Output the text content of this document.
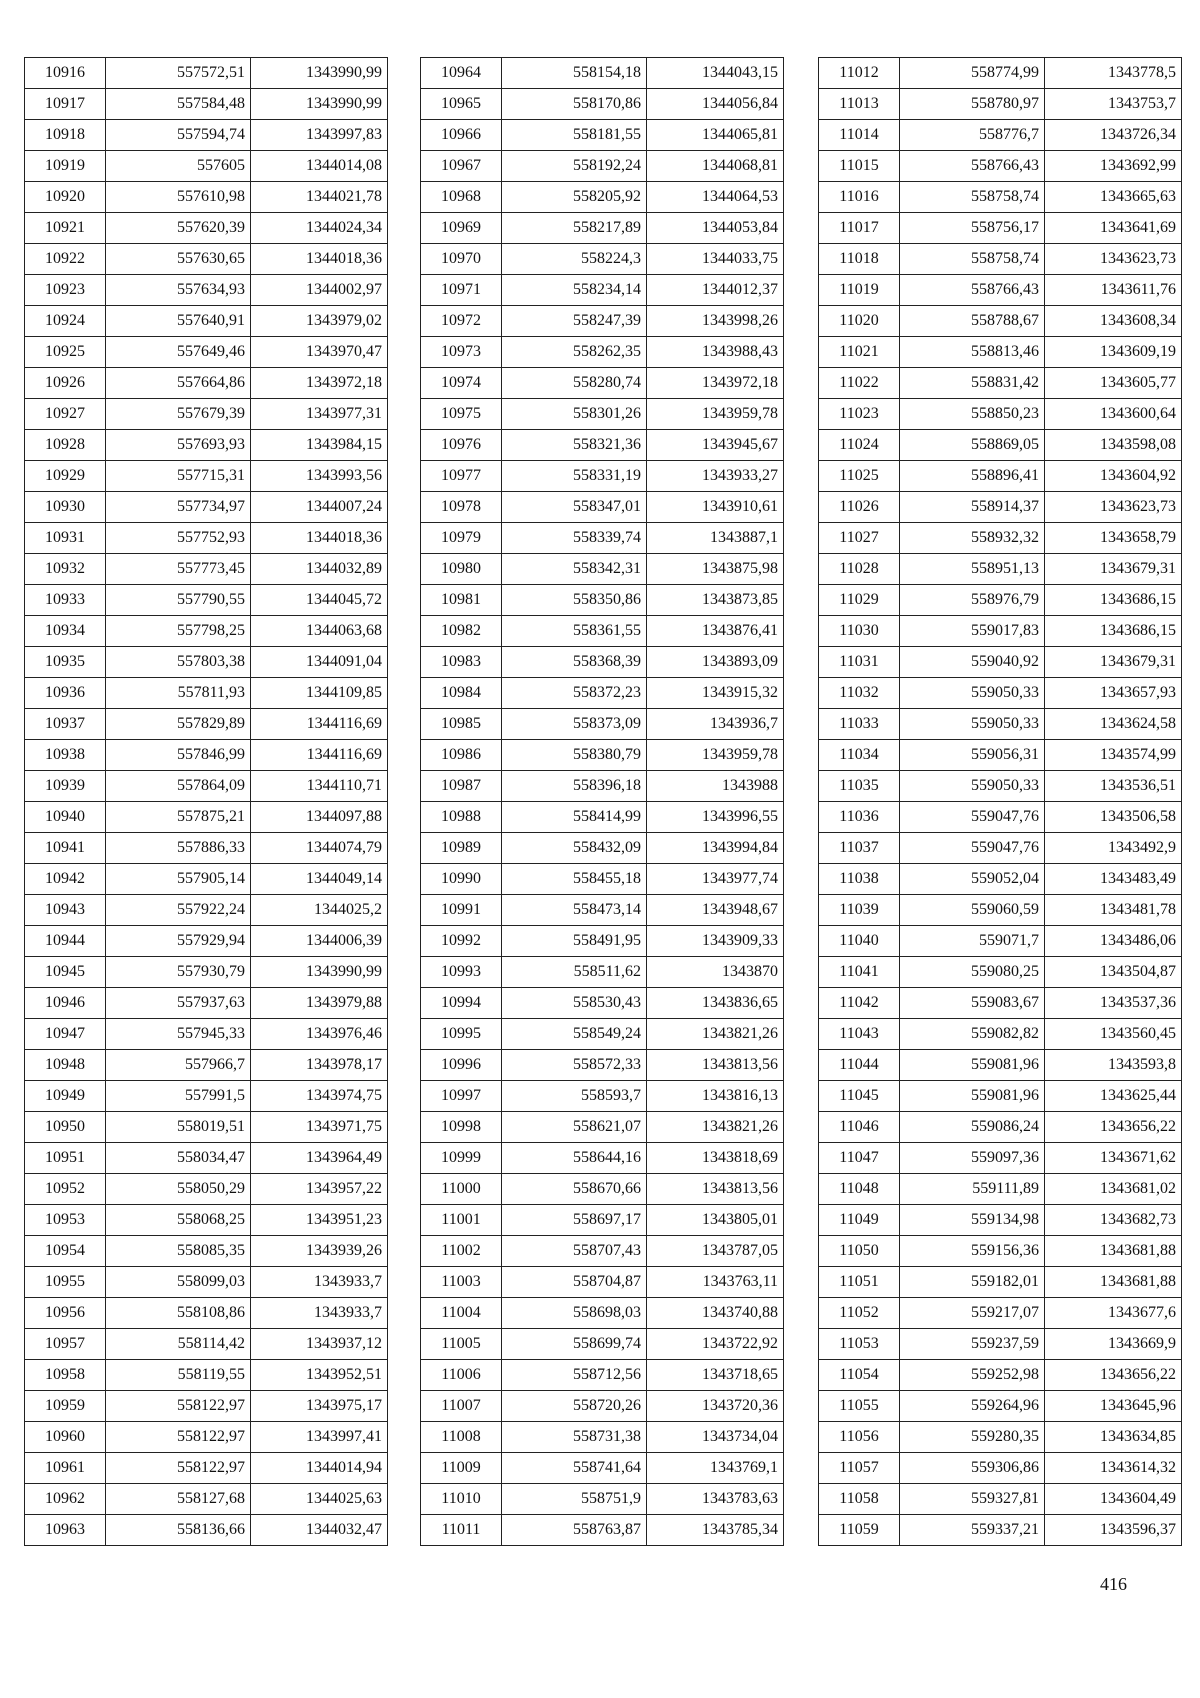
10916	557572,51	1343990,99
10917	557584,48	1343990,99
10918	557594,74	1343997,83
10919	557605	1344014,08
10920	557610,98	1344021,78
10921	557620,39	1344024,34
10922	557630,65	1344018,36
10923	557634,93	1344002,97
10924	557640,91	1343979,02
10925	557649,46	1343970,47
10926	557664,86	1343972,18
10927	557679,39	1343977,31
10928	557693,93	1343984,15
10929	557715,31	1343993,56
10930	557734,97	1344007,24
10931	557752,93	1344018,36
10932	557773,45	1344032,89
10933	557790,55	1344045,72
10934	557798,25	1344063,68
10935	557803,38	1344091,04
10936	557811,93	1344109,85
10937	557829,89	1344116,69
10938	557846,99	1344116,69
10939	557864,09	1344110,71
10940	557875,21	1344097,88
10941	557886,33	1344074,79
10942	557905,14	1344049,14
10943	557922,24	1344025,2
10944	557929,94	1344006,39
10945	557930,79	1343990,99
10946	557937,63	1343979,88
10947	557945,33	1343976,46
10948	557966,7	1343978,17
10949	557991,5	1343974,75
10950	558019,51	1343971,75
10951	558034,47	1343964,49
10952	558050,29	1343957,22
10953	558068,25	1343951,23
10954	558085,35	1343939,26
10955	558099,03	1343933,7
10956	558108,86	1343933,7
10957	558114,42	1343937,12
10958	558119,55	1343952,51
10959	558122,97	1343975,17
10960	558122,97	1343997,41
10961	558122,97	1344014,94
10962	558127,68	1344025,63
10963	558136,66	1344032,47
10964	558154,18	1344043,15
10965	558170,86	1344056,84
10966	558181,55	1344065,81
10967	558192,24	1344068,81
10968	558205,92	1344064,53
10969	558217,89	1344053,84
10970	558224,3	1344033,75
10971	558234,14	1344012,37
10972	558247,39	1343998,26
10973	558262,35	1343988,43
10974	558280,74	1343972,18
10975	558301,26	1343959,78
10976	558321,36	1343945,67
10977	558331,19	1343933,27
10978	558347,01	1343910,61
10979	558339,74	1343887,1
10980	558342,31	1343875,98
10981	558350,86	1343873,85
10982	558361,55	1343876,41
10983	558368,39	1343893,09
10984	558372,23	1343915,32
10985	558373,09	1343936,7
10986	558380,79	1343959,78
10987	558396,18	1343988
10988	558414,99	1343996,55
10989	558432,09	1343994,84
10990	558455,18	1343977,74
10991	558473,14	1343948,67
10992	558491,95	1343909,33
10993	558511,62	1343870
10994	558530,43	1343836,65
10995	558549,24	1343821,26
10996	558572,33	1343813,56
10997	558593,7	1343816,13
10998	558621,07	1343821,26
10999	558644,16	1343818,69
11000	558670,66	1343813,56
11001	558697,17	1343805,01
11002	558707,43	1343787,05
11003	558704,87	1343763,11
11004	558698,03	1343740,88
11005	558699,74	1343722,92
11006	558712,56	1343718,65
11007	558720,26	1343720,36
11008	558731,38	1343734,04
11009	558741,64	1343769,1
11010	558751,9	1343783,63
11011	558763,87	1343785,34
11012	558774,99	1343778,5
11013	558780,97	1343753,7
11014	558776,7	1343726,34
11015	558766,43	1343692,99
11016	558758,74	1343665,63
11017	558756,17	1343641,69
11018	558758,74	1343623,73
11019	558766,43	1343611,76
11020	558788,67	1343608,34
11021	558813,46	1343609,19
11022	558831,42	1343605,77
11023	558850,23	1343600,64
11024	558869,05	1343598,08
11025	558896,41	1343604,92
11026	558914,37	1343623,73
11027	558932,32	1343658,79
11028	558951,13	1343679,31
11029	558976,79	1343686,15
11030	559017,83	1343686,15
11031	559040,92	1343679,31
11032	559050,33	1343657,93
11033	559050,33	1343624,58
11034	559056,31	1343574,99
11035	559050,33	1343536,51
11036	559047,76	1343506,58
11037	559047,76	1343492,9
11038	559052,04	1343483,49
11039	559060,59	1343481,78
11040	559071,7	1343486,06
11041	559080,25	1343504,87
11042	559083,67	1343537,36
11043	559082,82	1343560,45
11044	559081,96	1343593,8
11045	559081,96	1343625,44
11046	559086,24	1343656,22
11047	559097,36	1343671,62
11048	559111,89	1343681,02
11049	559134,98	1343682,73
11050	559156,36	1343681,88
11051	559182,01	1343681,88
11052	559217,07	1343677,6
11053	559237,59	1343669,9
11054	559252,98	1343656,22
11055	559264,96	1343645,96
11056	559280,35	1343634,85
11057	559306,86	1343614,32
11058	559327,81	1343604,49
11059	559337,21	1343596,37
416
